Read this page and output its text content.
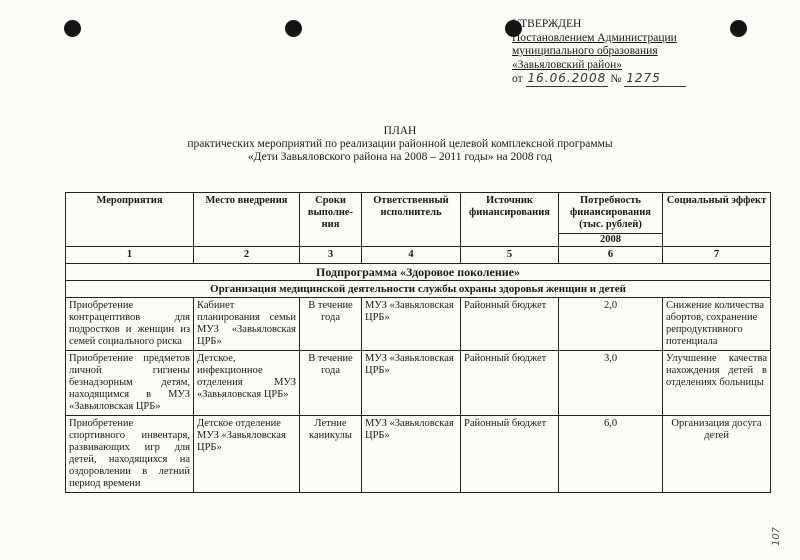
УТВЕРЖДЕН
Постановлением Администрации
муниципального образования
«Завьяловский район»
от 16.06.2008 № 1275
ПЛАН
практических мероприятий по реализации районной целевой комплексной программы
«Дети Завьяловского района на 2008 – 2011 годы» на 2008 год
Мероприятия	Место внедрения	Сроки выполне-ния	Ответственный исполнитель	Источник финансирования	Потребность финансирования (тыс. рублей)	Социальный эффект
					2008	
1	2	3	4	5	6	7
Подпрограмма «Здоровое поколение»						
Организация медицинской деятельности службы охраны здоровья женщин и детей						
Приобретение контрацептивов для подростков и женщин из семей социального риска	Кабинет планирования семьи МУЗ «Завьяловская ЦРБ»	В течение года	МУЗ «Завьяловская ЦРБ»	Районный бюджет	2,0	Снижение количества абортов, сохранение репродуктивного потенциала
Приобретение предметов личной гигиены безнадзорным детям, находящимся в МУЗ «Завьяловская ЦРБ»	Детское, инфекционное отделения МУЗ «Завьяловская ЦРБ»	В течение года	МУЗ «Завьяловская ЦРБ»	Районный бюджет	3,0	Улучшение качества нахождения детей в отделениях больницы
Приобретение спортивного инвентаря, развивающих игр для детей, находящихся на оздоровлении в летний период времени	Детское отделение МУЗ «Завьяловская ЦРБ»	Летние каникулы	МУЗ «Завьяловская ЦРБ»	Районный бюджет	6,0	Организация досуга детей
107
